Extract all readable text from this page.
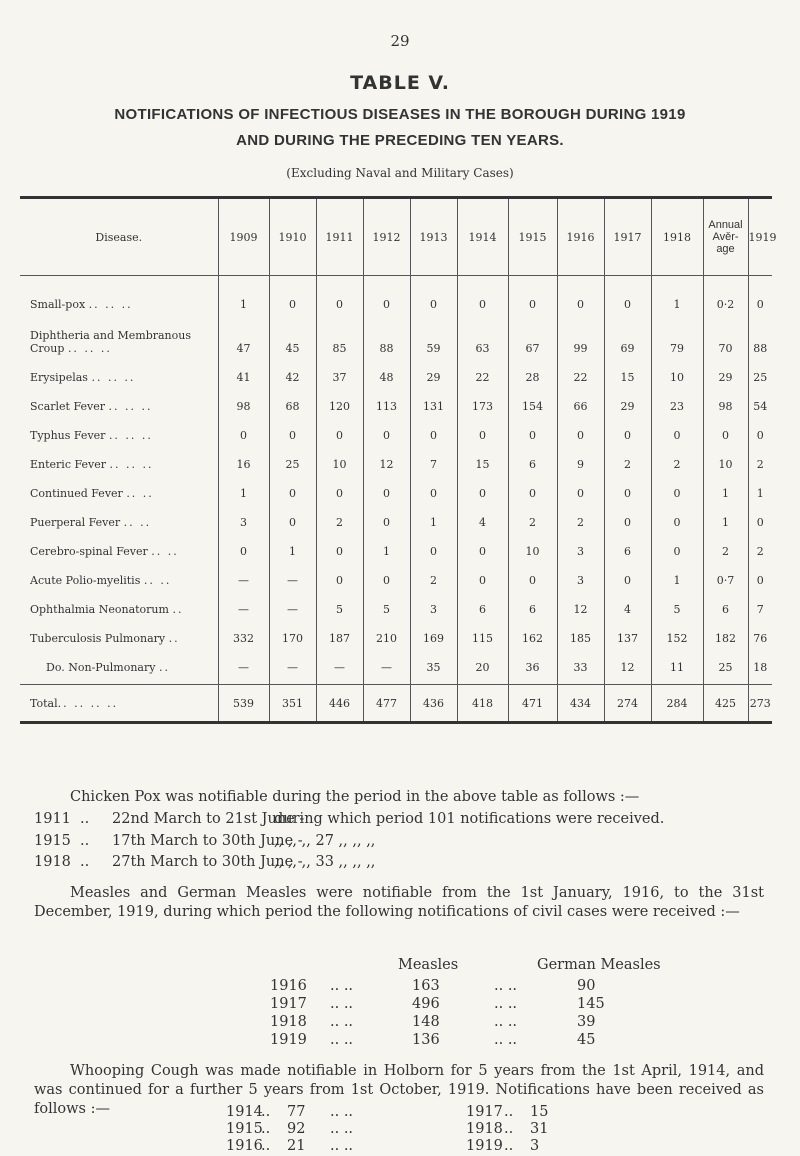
29
TABLE V.
NOTIFICATIONS OF INFECTIOUS DISEASES IN THE BOROUGH DURING 1919
AND DURING THE PRECEDING TEN YEARS.
(Excluding Naval and Military Cases)
Disease.	1909	1910	1911	1912	1913	1914	1915	1916	1917	1918	Annual Avěr- age	1919

Small-pox .. .. ..	1	0	0	0	0	0	0	0	0	1	0·2	0
Diphtheria and Membranous Croup .. .. ..	47	45	85	88	59	63	67	99	69	79	70	88
Erysipelas .. .. ..	41	42	37	48	29	22	28	22	15	10	29	25
Scarlet Fever .. .. ..	98	68	120	113	131	173	154	66	29	23	98	54
Typhus Fever .. .. ..	0	0	0	0	0	0	0	0	0	0	0	0
Enteric Fever .. .. ..	16	25	10	12	7	15	6	9	2	2	10	2
Continued Fever .. ..	1	0	0	0	0	0	0	0	0	0	1	1
Puerperal Fever .. ..	3	0	2	0	1	4	2	2	0	0	1	0
Cerebro-spinal Fever .. ..	0	1	0	1	0	0	10	3	6	0	2	2
Acute Polio-myelitis .. ..	—	—	0	0	2	0	0	3	0	1	0·7	0
Ophthalmia Neonatorum ..	—	—	5	5	3	6	6	12	4	5	6	7
Tuberculosis Pulmonary ..	332	170	187	210	169	115	162	185	137	152	182	76
Do. Non-Pulmonary ..	—	—	—	—	35	20	36	33	12	11	25	18

Total.. .. .. ..	539	351	446	477	436	418	471	434	274	284	425	273
Chicken Pox was notifiable during the period in the above table as follows :—
1911 .. 22nd March to 21st June -
during which period 101 notifications were received.
1915 .. 17th March to 30th June -
,, ,, ,, 27 ,, ,, ,,
1918 .. 27th March to 30th June -
,, ,, ,, 33 ,, ,, ,,
Measles and German Measles were notifiable from the 1st January, 1916, to the 31st December, 1919, during which period the following notifications of civil cases were received :—
Measles	German Measles
.. ..	.. ..
1916	163	90
.. ..	.. ..
1917	496	145
.. ..	.. ..
1918	148	39
.. ..	.. ..
1919	136	45
Whooping Cough was made notifiable in Holborn for 5 years from the 1st April, 1914, and was continued for a further 5 years from 1st October, 1919. Notifications have been received as follows :—	..	.. ..	..
1914 77	1917 15
..	.. ..	..
1915 92	1918 31
..	.. ..	..
1916 21	1919 3
